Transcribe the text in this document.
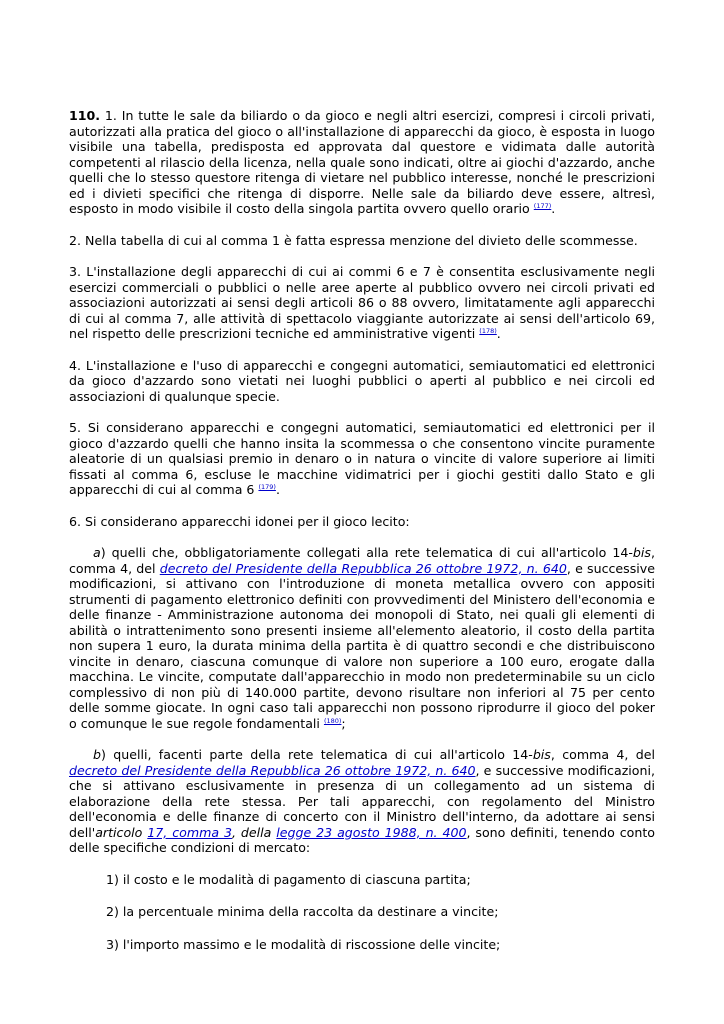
110. 1. In tutte le sale da biliardo o da gioco e negli altri esercizi, compresi i circoli privati, autorizzati alla pratica del gioco o all'installazione di apparecchi da gioco, è esposta in luogo visibile una tabella, predisposta ed approvata dal questore e vidimata dalle autorità competenti al rilascio della licenza, nella quale sono indicati, oltre ai giochi d'azzardo, anche quelli che lo stesso questore ritenga di vietare nel pubblico interesse, nonché le prescrizioni ed i divieti specifici che ritenga di disporre. Nelle sale da biliardo deve essere, altresì, esposto in modo visibile il costo della singola partita ovvero quello orario $^{(177)}$.

2. Nella tabella di cui al comma 1 è fatta espressa menzione del divieto delle scommesse.

3. L'installazione degli apparecchi di cui ai commi 6 e 7 è consentita esclusivamente negli esercizi commerciali o pubblici o nelle aree aperte al pubblico ovvero nei circoli privati ed associazioni autorizzati ai sensi degli articoli 86 o 88 ovvero, limitatamente agli apparecchi di cui al comma 7, alle attività di spettacolo viaggiante autorizzate ai sensi dell'articolo 69, nel rispetto delle prescrizioni tecniche ed amministrative vigenti $^{(178)}$.

4. L'installazione e l'uso di apparecchi e congegni automatici, semiautomatici ed elettronici da gioco d'azzardo sono vietati nei luoghi pubblici o aperti al pubblico e nei circoli ed associazioni di qualunque specie.

5. Si considerano apparecchi e congegni automatici, semiautomatici ed elettronici per il gioco d'azzardo quelli che hanno insita la scommessa o che consentono vincite puramente aleatorie di un qualsiasi premio in denaro o in natura o vincite di valore superiore ai limiti fissati al comma 6, escluse le macchine vidimatrici per i giochi gestiti dallo Stato e gli apparecchi di cui al comma 6 $^{(179)}$.

6. Si considerano apparecchi idonei per il gioco lecito:

a) quelli che, obbligatoriamente collegati alla rete telematica di cui all'articolo 14-bis, comma 4, del decreto del Presidente della Repubblica 26 ottobre 1972, n. 640, e successive modificazioni, si attivano con l'introduzione di moneta metallica ovvero con appositi strumenti di pagamento elettronico definiti con provvedimenti del Ministero dell'economia e delle finanze - Amministrazione autonoma dei monopoli di Stato, nei quali gli elementi di abilità o intrattenimento sono presenti insieme all'elemento aleatorio, il costo della partita non supera 1 euro, la durata minima della partita è di quattro secondi e che distribuiscono vincite in denaro, ciascuna comunque di valore non superiore a 100 euro, erogate dalla macchina. Le vincite, computate dall'apparecchio in modo non predeterminabile su un ciclo complessivo di non più di 140.000 partite, devono risultare non inferiori al 75 per cento delle somme giocate. In ogni caso tali apparecchi non possono riprodurre il gioco del poker o comunque le sue regole fondamentali $^{(180)}$;

b) quelli, facenti parte della rete telematica di cui all'articolo 14-bis, comma 4, del decreto del Presidente della Repubblica 26 ottobre 1972, n. 640, e successive modificazioni, che si attivano esclusivamente in presenza di un collegamento ad un sistema di elaborazione della rete stessa. Per tali apparecchi, con regolamento del Ministro dell'economia e delle finanze di concerto con il Ministro dell'interno, da adottare ai sensi dell'articolo 17, comma 3, della legge 23 agosto 1988, n. 400, sono definiti, tenendo conto delle specifiche condizioni di mercato:

1) il costo e le modalità di pagamento di ciascuna partita;

2) la percentuale minima della raccolta da destinare a vincite;

3) l'importo massimo e le modalità di riscossione delle vincite;
